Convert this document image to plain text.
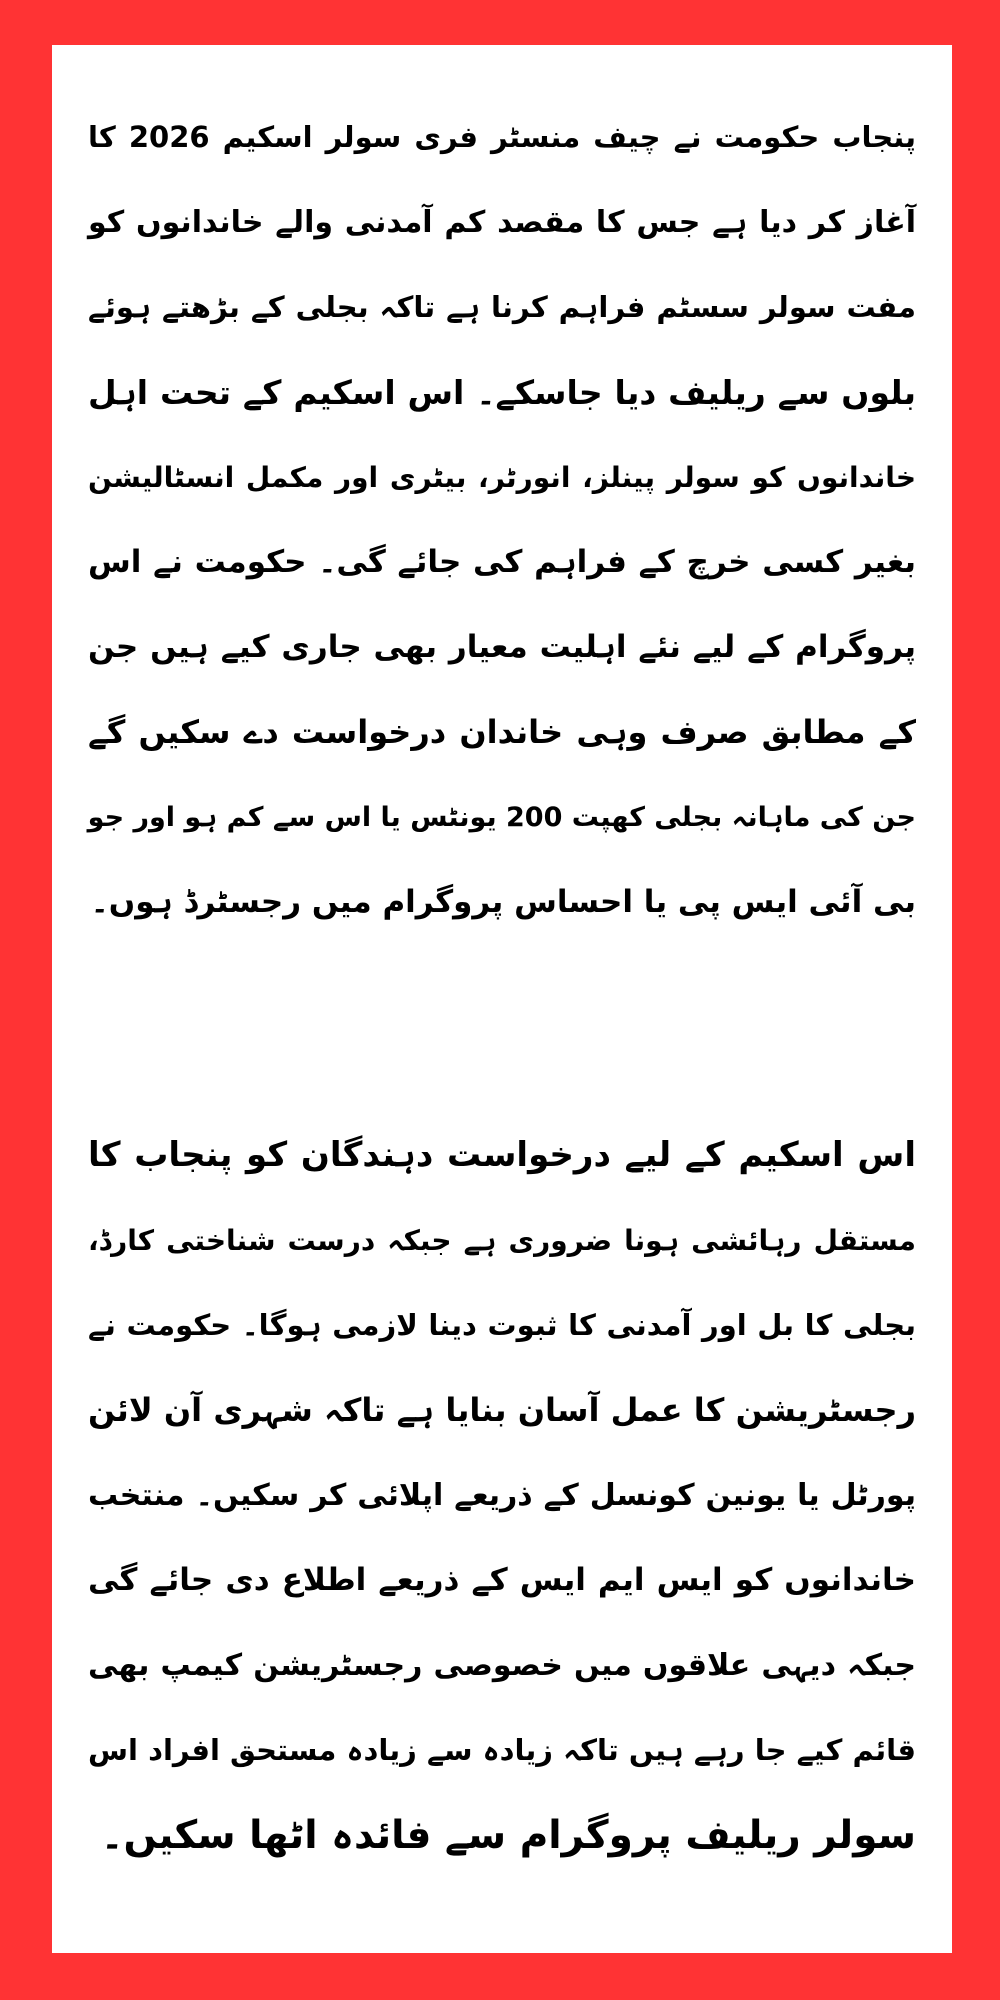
پنجاب حکومت نے چیف منسٹر فری سولر اسکیم 2026 کا
آغاز کر دیا ہے جس کا مقصد کم آمدنی والے خاندانوں کو
مفت سولر سسٹم فراہم کرنا ہے تاکہ بجلی کے بڑھتے ہوئے
بلوں سے ریلیف دیا جاسکے۔ اس اسکیم کے تحت اہل
خاندانوں کو سولر پینلز، انورٹر، بیٹری اور مکمل انسٹالیشن
بغیر کسی خرچ کے فراہم کی جائے گی۔ حکومت نے اس
پروگرام کے لیے نئے اہلیت معیار بھی جاری کیے ہیں جن
کے مطابق صرف وہی خاندان درخواست دے سکیں گے
جن کی ماہانہ بجلی کھپت 200 یونٹس یا اس سے کم ہو اور جو
بی آئی ایس پی یا احساس پروگرام میں رجسٹرڈ ہوں۔
اس اسکیم کے لیے درخواست دہندگان کو پنجاب کا
مستقل رہائشی ہونا ضروری ہے جبکہ درست شناختی کارڈ،
بجلی کا بل اور آمدنی کا ثبوت دینا لازمی ہوگا۔ حکومت نے
رجسٹریشن کا عمل آسان بنایا ہے تاکہ شہری آن لائن
پورٹل یا یونین کونسل کے ذریعے اپلائی کر سکیں۔ منتخب
خاندانوں کو ایس ایم ایس کے ذریعے اطلاع دی جائے گی
جبکہ دیہی علاقوں میں خصوصی رجسٹریشن کیمپ بھی
قائم کیے جا رہے ہیں تاکہ زیادہ سے زیادہ مستحق افراد اس
سولر ریلیف پروگرام سے فائدہ اٹھا سکیں۔
